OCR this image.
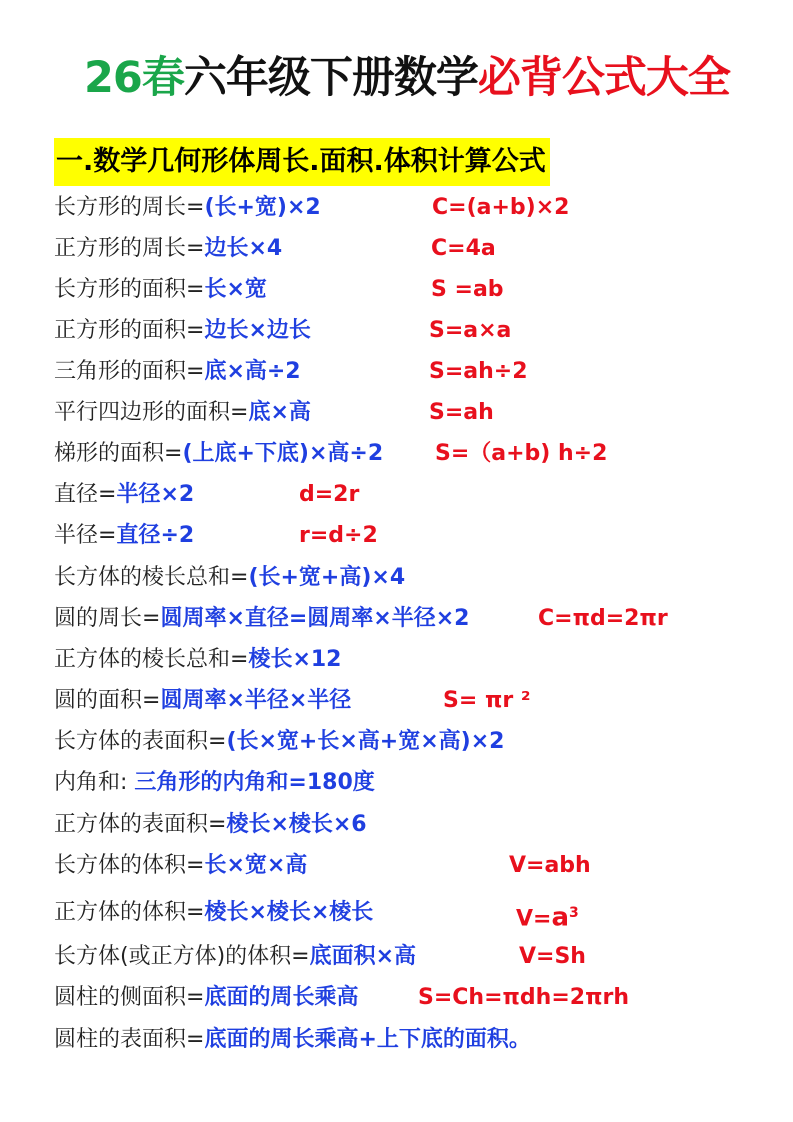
26春六年级下册数学必背公式大全
一.数学几何形体周长.面积.体积计算公式
长方形的周长=(长+宽)×2	C=(a+b)×2
正方形的周长=边长×4	C=4a
长方形的面积=长×宽	S =ab
正方形的面积=边长×边长	S=a×a
三角形的面积=底×高÷2	S=ah÷2
平行四边形的面积=底×高	S=ah
梯形的面积=(上底+下底)×高÷2 S=（a+b) h÷2
直径=半径×2	d=2r
半径=直径÷2	r=d÷2
长方体的棱长总和=(长+宽+高)×4
圆的周长=圆周率×直径=圆周率×半径×2	C=πd=2πr
正方体的棱长总和=棱长×12
圆的面积=圆周率×半径×半径	S= πr ²
长方体的表面积=(长×宽+长×高+宽×高)×2
内角和: 三角形的内角和=180度
正方体的表面积=棱长×棱长×6
长方体的体积=长×宽×高	V=abh
正方体的体积=棱长×棱长×棱长	$V=a^3$
长方体(或正方体)的体积=底面积×高	V=Sh
圆柱的侧面积=底面的周长乘高	S=Ch=πdh=2πrh
圆柱的表面积=底面的周长乘高+上下底的面积。
